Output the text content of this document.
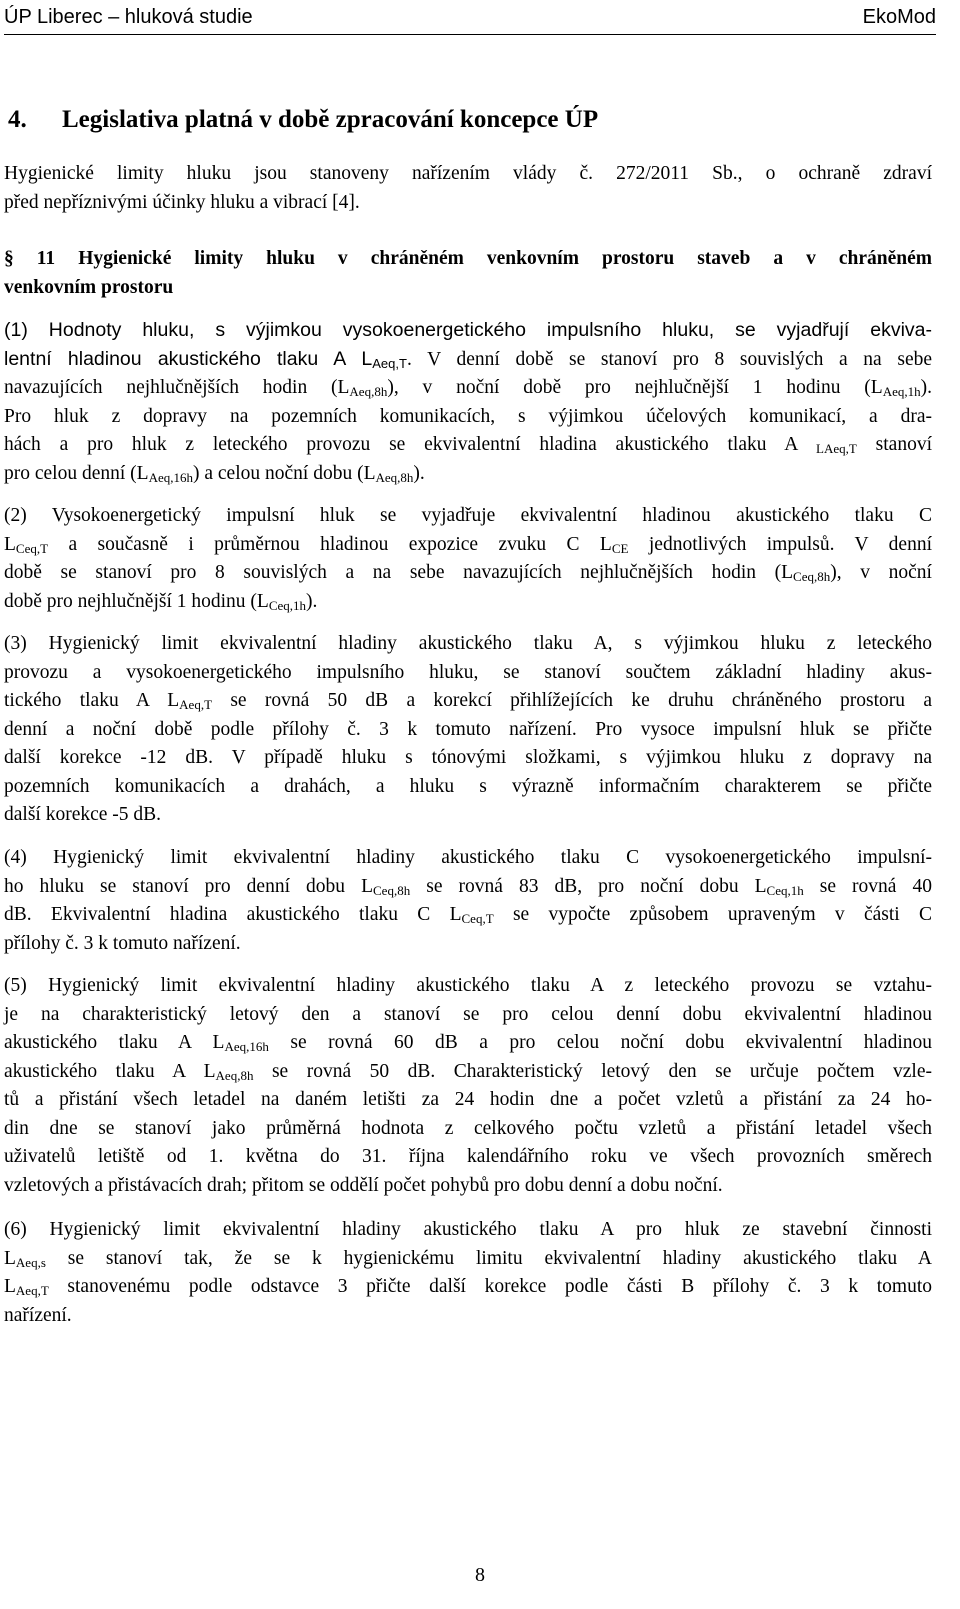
ÚP Liberec – hluková studie	EkoMod
4. Legislativa platná v době zpracování koncepce ÚP
Hygienické limity hluku jsou stanoveny nařízením vlády č. 272/2011 Sb., o ochraně zdraví
před nepříznivými účinky hluku a vibrací [4].
§ 11 Hygienické limity hluku v chráněném venkovním prostoru staveb a v chráněném
venkovním prostoru
(1) Hodnoty hluku, s výjimkou vysokoenergetického impulsního hluku, se vyjadřují ekviva-
lentní hladinou akustického tlaku A $L_{Aeq,T}$. V denní době se stanoví pro 8 souvislých a na sebe
navazujících nejhlučnějších hodin $(L_{Aeq,8h})$, v noční době pro nejhlučnější 1 hodinu $(L_{Aeq,1h})$.
Pro hluk z dopravy na pozemních komunikacích, s výjimkou účelových komunikací, a dra-
hách a pro hluk z leteckého provozu se ekvivalentní hladina akustického tlaku A $_{LAeq,T}$ stanoví
pro celou denní $(L_{Aeq,16h})$ a celou noční dobu $(L_{Aeq,8h})$.
(2) Vysokoenergetický impulsní hluk se vyjadřuje ekvivalentní hladinou akustického tlaku C
$L_{Ceq,T}$ a současně i průměrnou hladinou expozice zvuku C $L_{CE}$ jednotlivých impulsů. V denní
době se stanoví pro 8 souvislých a na sebe navazujících nejhlučnějších hodin $(L_{Ceq,8h})$, v noční
době pro nejhlučnější 1 hodinu $(L_{Ceq,1h})$.
(3) Hygienický limit ekvivalentní hladiny akustického tlaku A, s výjimkou hluku z leteckého
provozu a vysokoenergetického impulsního hluku, se stanoví součtem základní hladiny akus-
tického tlaku A $L_{Aeq,T}$ se rovná 50 dB a korekcí přihlížejících ke druhu chráněného prostoru a
denní a noční době podle přílohy č. 3 k tomuto nařízení. Pro vysoce impulsní hluk se přičte
další korekce -12 dB. V případě hluku s tónovými složkami, s výjimkou hluku z dopravy na
pozemních komunikacích a drahách, a hluku s výrazně informačním charakterem se přičte
další korekce -5 dB.
(4) Hygienický limit ekvivalentní hladiny akustického tlaku C vysokoenergetického impulsní-
ho hluku se stanoví pro denní dobu $L_{Ceq,8h}$ se rovná 83 dB, pro noční dobu $L_{Ceq,1h}$ se rovná 40
dB. Ekvivalentní hladina akustického tlaku C $L_{Ceq,T}$ se vypočte způsobem upraveným v části C
přílohy č. 3 k tomuto nařízení.
(5) Hygienický limit ekvivalentní hladiny akustického tlaku A z leteckého provozu se vztahu-
je na charakteristický letový den a stanoví se pro celou denní dobu ekvivalentní hladinou
akustického tlaku A $L_{Aeq,16h}$ se rovná 60 dB a pro celou noční dobu ekvivalentní hladinou
akustického tlaku A $L_{Aeq,8h}$ se rovná 50 dB. Charakteristický letový den se určuje počtem vzle-
tů a přistání všech letadel na daném letišti za 24 hodin dne a počet vzletů a přistání za 24 ho-
din dne se stanoví jako průměrná hodnota z celkového počtu vzletů a přistání letadel všech
uživatelů letiště od 1. května do 31. října kalendářního roku ve všech provozních směrech
vzletových a přistávacích drah; přitom se oddělí počet pohybů pro dobu denní a dobu noční.
(6) Hygienický limit ekvivalentní hladiny akustického tlaku A pro hluk ze stavební činnosti
$L_{Aeq,s}$ se stanoví tak, že se k hygienickému limitu ekvivalentní hladiny akustického tlaku A
$L_{Aeq,T}$ stanovenému podle odstavce 3 přičte další korekce podle části B přílohy č. 3 k tomuto
nařízení.
8
